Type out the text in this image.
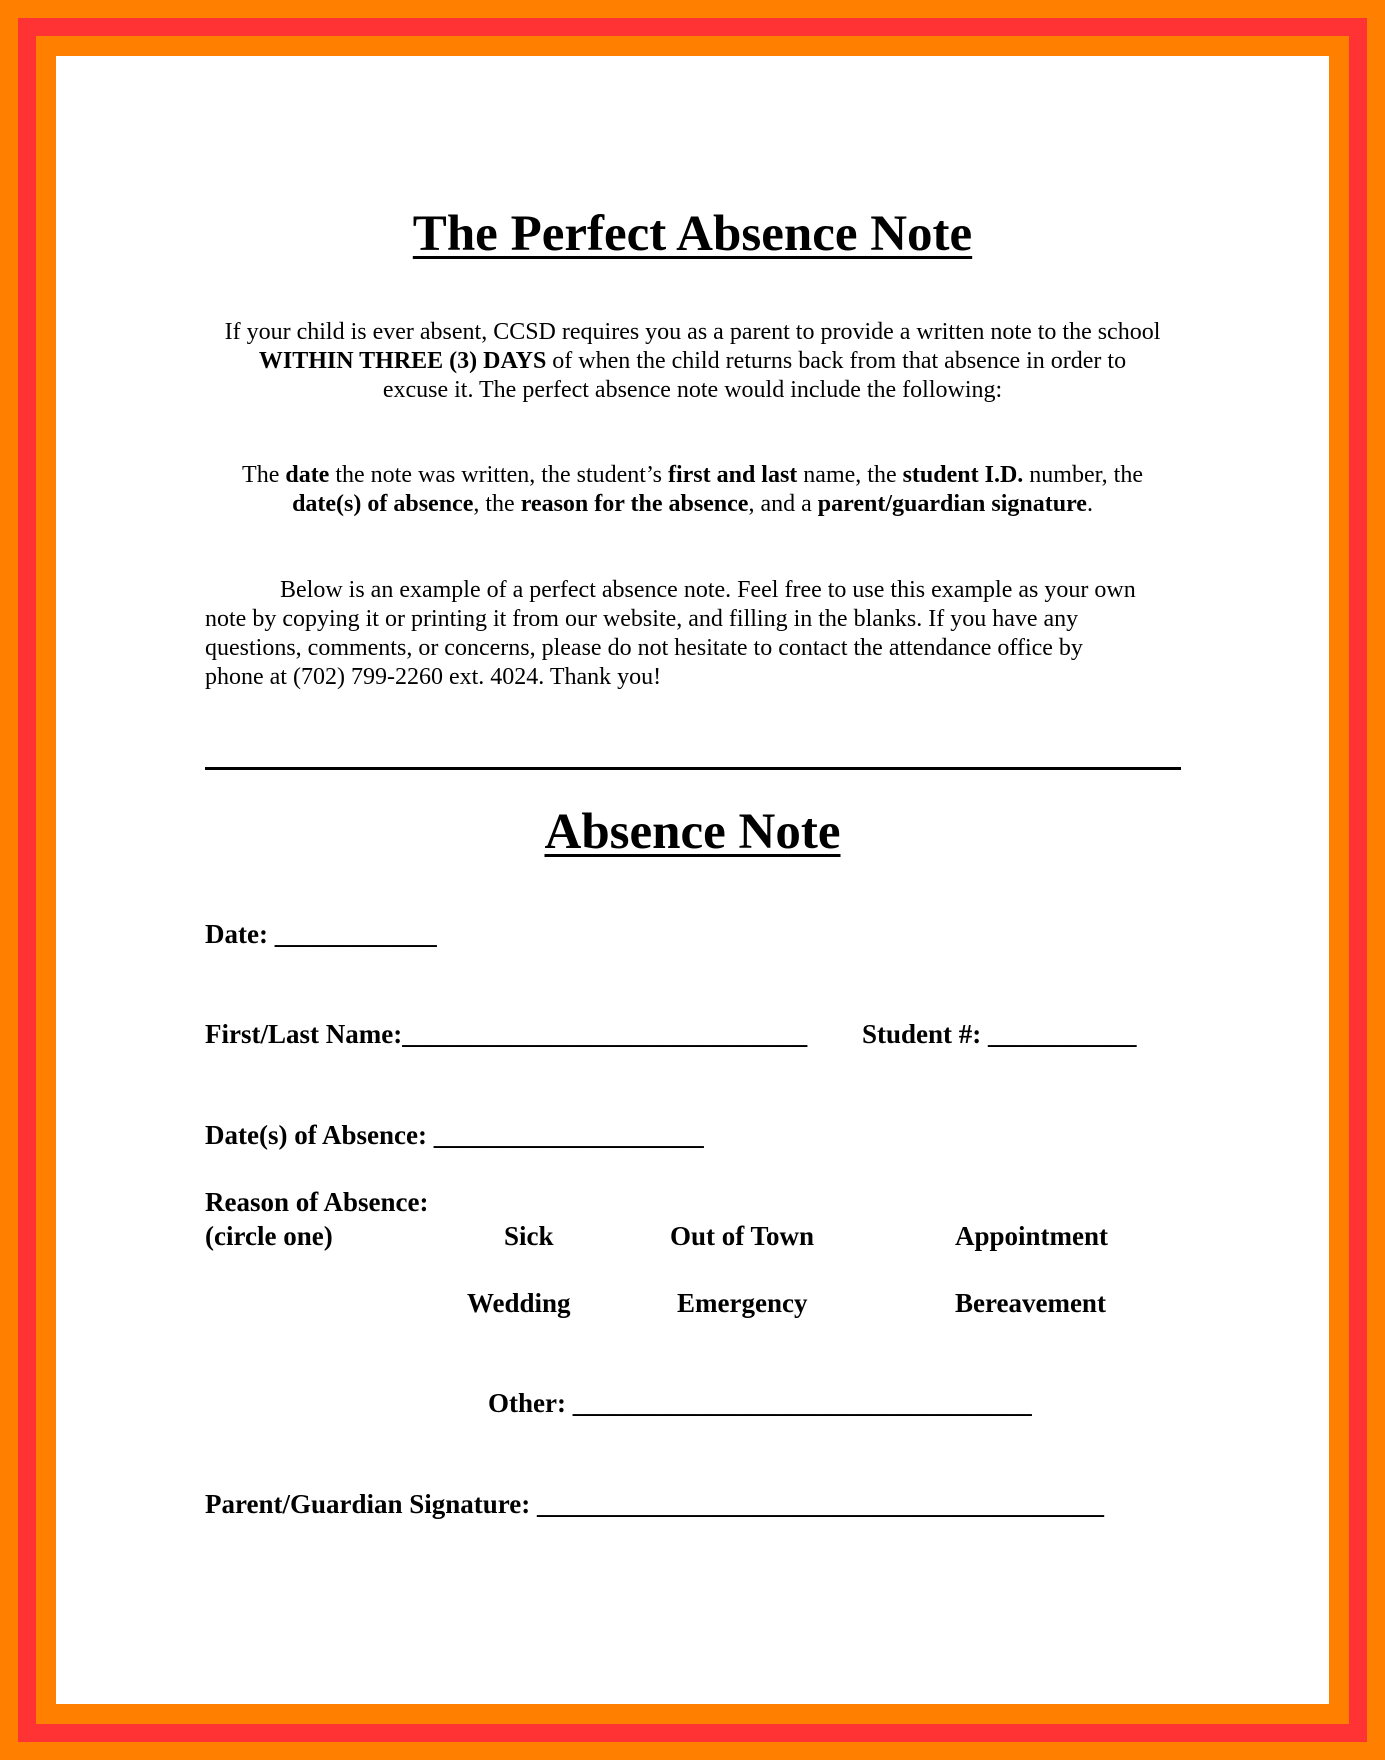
The Perfect Absence Note
If your child is ever absent, CCSD requires you as a parent to provide a written note to the school
WITHIN THREE (3) DAYS of when the child returns back from that absence in order to
excuse it. The perfect absence note would include the following:
The date the note was written, the student’s first and last name, the student I.D. number, the
date(s) of absence, the reason for the absence, and a parent/guardian signature.
Below is an example of a perfect absence note. Feel free to use this example as your own
note by copying it or printing it from our website, and filling in the blanks. If you have any
questions, comments, or concerns, please do not hesitate to contact the attendance office by
phone at (702) 799-2260 ext. 4024. Thank you!
Absence Note
Date: ____________
First/Last Name:______________________________ Student #: ___________
Date(s) of Absence: ____________________
Reason of Absence:
(circle one)	Sick	Out of Town	Appointment
Wedding	Emergency	Bereavement
Other: __________________________________
Parent/Guardian Signature: __________________________________________
